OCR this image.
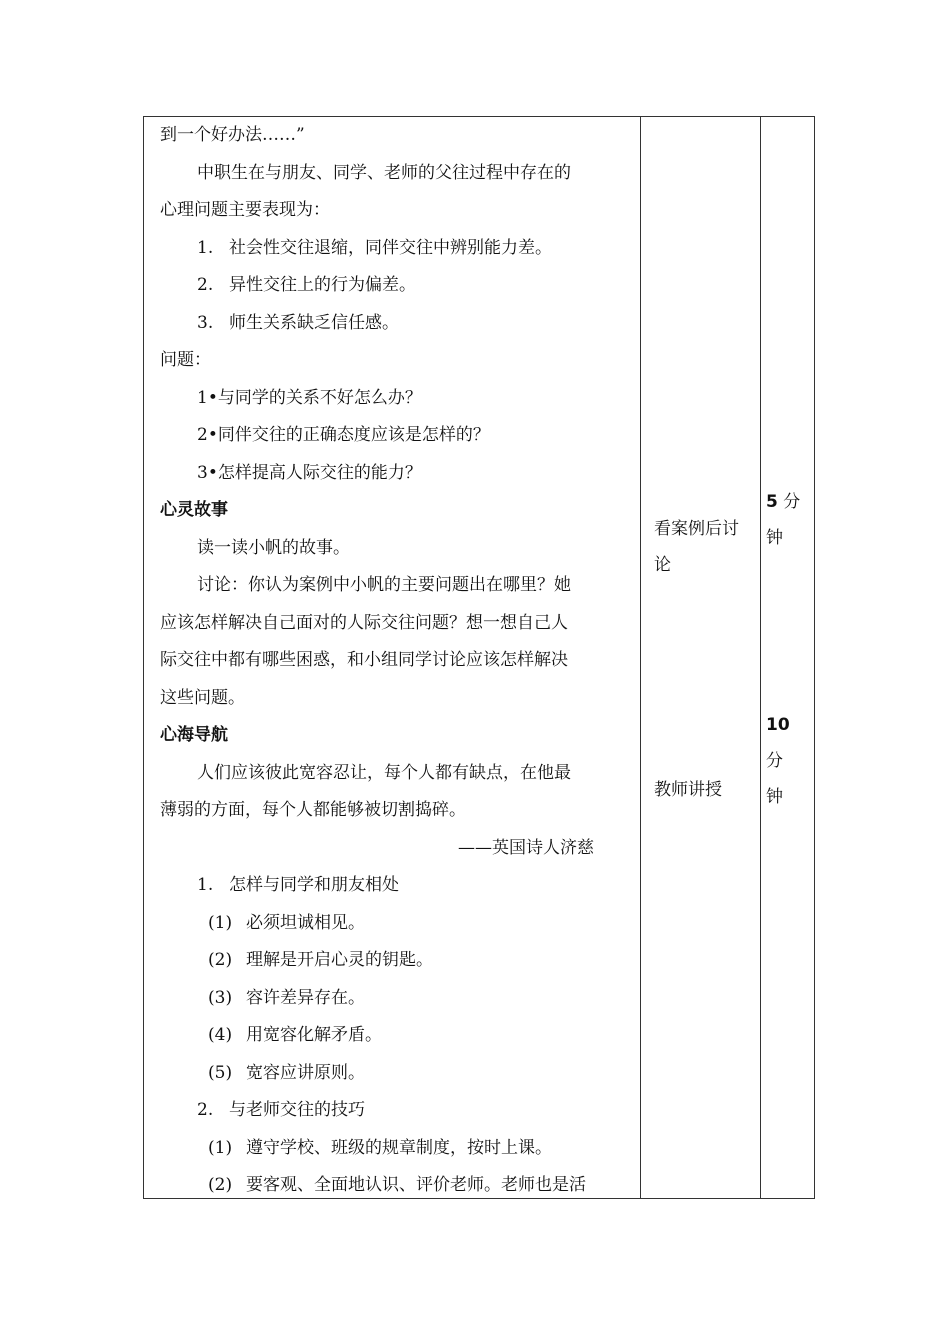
到一个好办法……”
中职生在与朋友、同学、老师的父往过程中存在的
心理问题主要表现为：
1. 社会性交往退缩，同伴交往中辨别能力差。
2. 异性交往上的行为偏差。
3. 师生关系缺乏信任感。
问题：
1•与同学的关系不好怎么办？
2•同伴交往的正确态度应该是怎样的？
3•怎样提高人际交往的能力？
心灵故事
读一读小帆的故事。
讨论：你认为案例中小帆的主要问题出在哪里？她
应该怎样解决自己面对的人际交往问题？想一想自己人
际交往中都有哪些困惑，和小组同学讨论应该怎样解决
这些问题。
心海导航
人们应该彼此宽容忍让，每个人都有缺点，在他最
薄弱的方面，每个人都能够被切割捣碎。
——英国诗人济慈
1. 怎样与同学和朋友相处
(1) 必须坦诚相见。
(2) 理解是开启心灵的钥匙。
(3) 容许差异存在。
(4) 用宽容化解矛盾。
(5) 宽容应讲原则。
2. 与老师交往的技巧
(1) 遵守学校、班级的规章制度，按时上课。
(2) 要客观、全面地认识、评价老师。老师也是活
看案例后讨
论
教师讲授
5 分
钟
10
分
钟
